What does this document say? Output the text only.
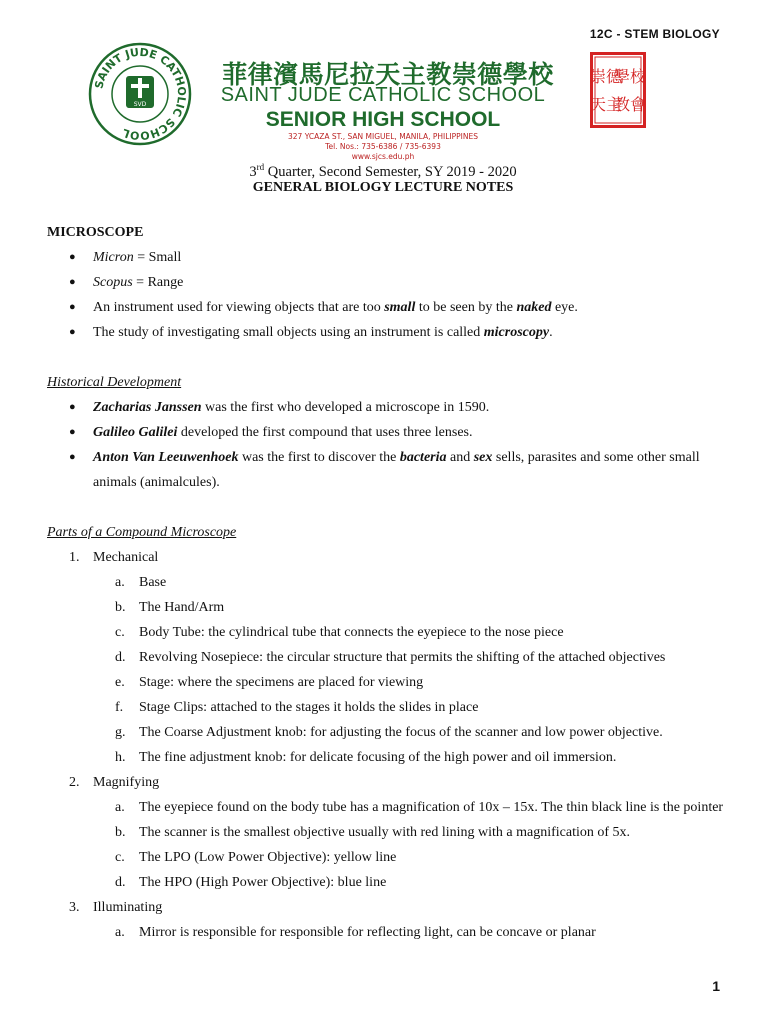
12C - STEM BIOLOGY
SAINT JUDE CATHOLIC SCHOOL
SVD
菲律濱馬尼拉天主教崇德學校
SAINT JUDE CATHOLIC SCHOOL
SENIOR HIGH SCHOOL
327 YCAZA ST., SAN MIGUEL, MANILA, PHILIPPINES
Tel. Nos.: 735-6386 / 735-6393
www.sjcs.edu.ph
崇德
學校
天主
教會
3rd Quarter, Second Semester, SY 2019 - 2020
GENERAL BIOLOGY LECTURE NOTES

MICROSCOPE

● Micron = Small
● Scopus = Range
● An instrument used for viewing objects that are too small to be seen by the naked eye.
● The study of investigating small objects using an instrument is called microscopy.

Historical Development

● Zacharias Janssen was the first who developed a microscope in 1590.
● Galileo Galilei developed the first compound that uses three lenses.
● Anton Van Leeuwenhoek was the first to discover the bacteria and sex sells, parasites and some other small animals (animalcules).

Parts of a Compound Microscope

1. Mechanical
a. Base
b. The Hand/Arm
c. Body Tube: the cylindrical tube that connects the eyepiece to the nose piece
d. Revolving Nosepiece: the circular structure that permits the shifting of the attached objectives
e. Stage: where the specimens are placed for viewing
f. Stage Clips: attached to the stages it holds the slides in place
g. The Coarse Adjustment knob: for adjusting the focus of the scanner and low power objective.
h. The fine adjustment knob: for delicate focusing of the high power and oil immersion.
2. Magnifying
a. The eyepiece found on the body tube has a magnification of 10x – 15x. The thin black line is the pointer
b. The scanner is the smallest objective usually with red lining with a magnification of 5x.
c. The LPO (Low Power Objective): yellow line
d. The HPO (High Power Objective): blue line
3. Illuminating
a. Mirror is responsible for responsible for reflecting light, can be concave or planar
1
